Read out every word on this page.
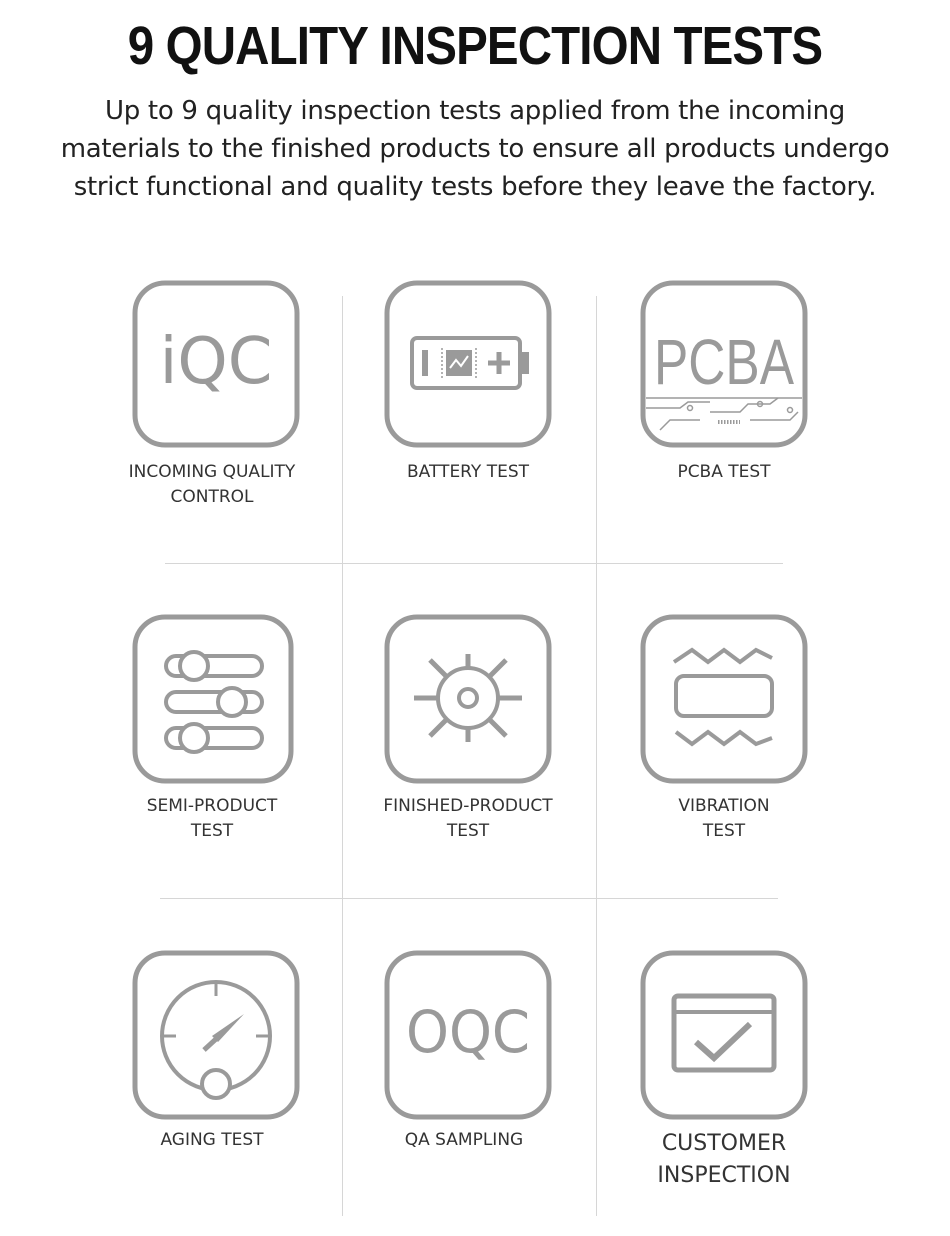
9 QUALITY INSPECTION TESTS
Up to 9 quality inspection tests applied from the incoming
materials to the finished products to ensure all products undergo
strict functional and quality tests before they leave the factory.
iQC
INCOMING QUALITY
CONTROL
BATTERY TEST
PCBA
PCBA TEST
SEMI-PRODUCT
TEST
FINISHED-PRODUCT
TEST
VIBRATION
TEST
AGING TEST
OQC
QA SAMPLING	CUSTOMER
INSPECTION
